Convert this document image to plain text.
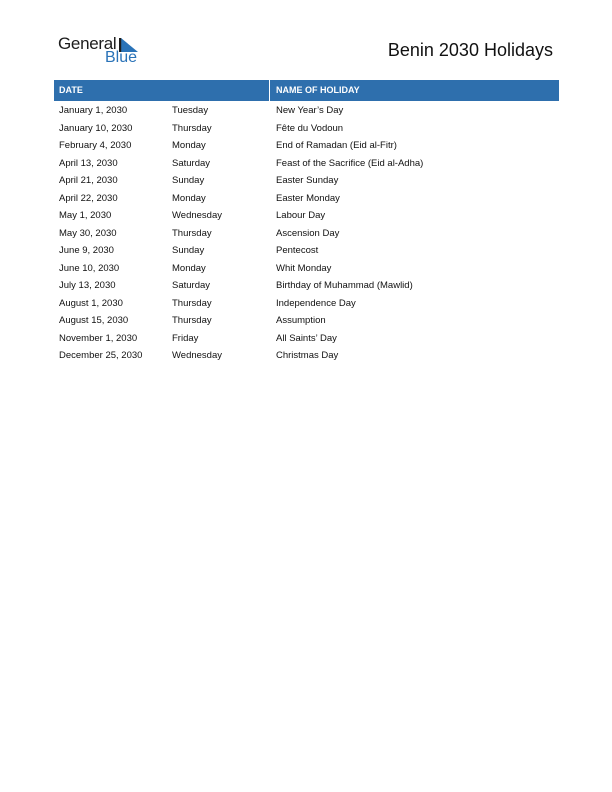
General
Blue	Benin 2030 Holidays
DATE	NAME OF HOLIDAY
January 1, 2030	Tuesday	New Year’s Day
January 10, 2030	Thursday	Fête du Vodoun
February 4, 2030	Monday	End of Ramadan (Eid al-Fitr)
April 13, 2030	Saturday	Feast of the Sacrifice (Eid al-Adha)
April 21, 2030	Sunday	Easter Sunday
April 22, 2030	Monday	Easter Monday
May 1, 2030	Wednesday	Labour Day
May 30, 2030	Thursday	Ascension Day
June 9, 2030	Sunday	Pentecost
June 10, 2030	Monday	Whit Monday
July 13, 2030	Saturday	Birthday of Muhammad (Mawlid)
August 1, 2030	Thursday	Independence Day
August 15, 2030	Thursday	Assumption
November 1, 2030	Friday	All Saints’ Day
December 25, 2030	Wednesday	Christmas Day
